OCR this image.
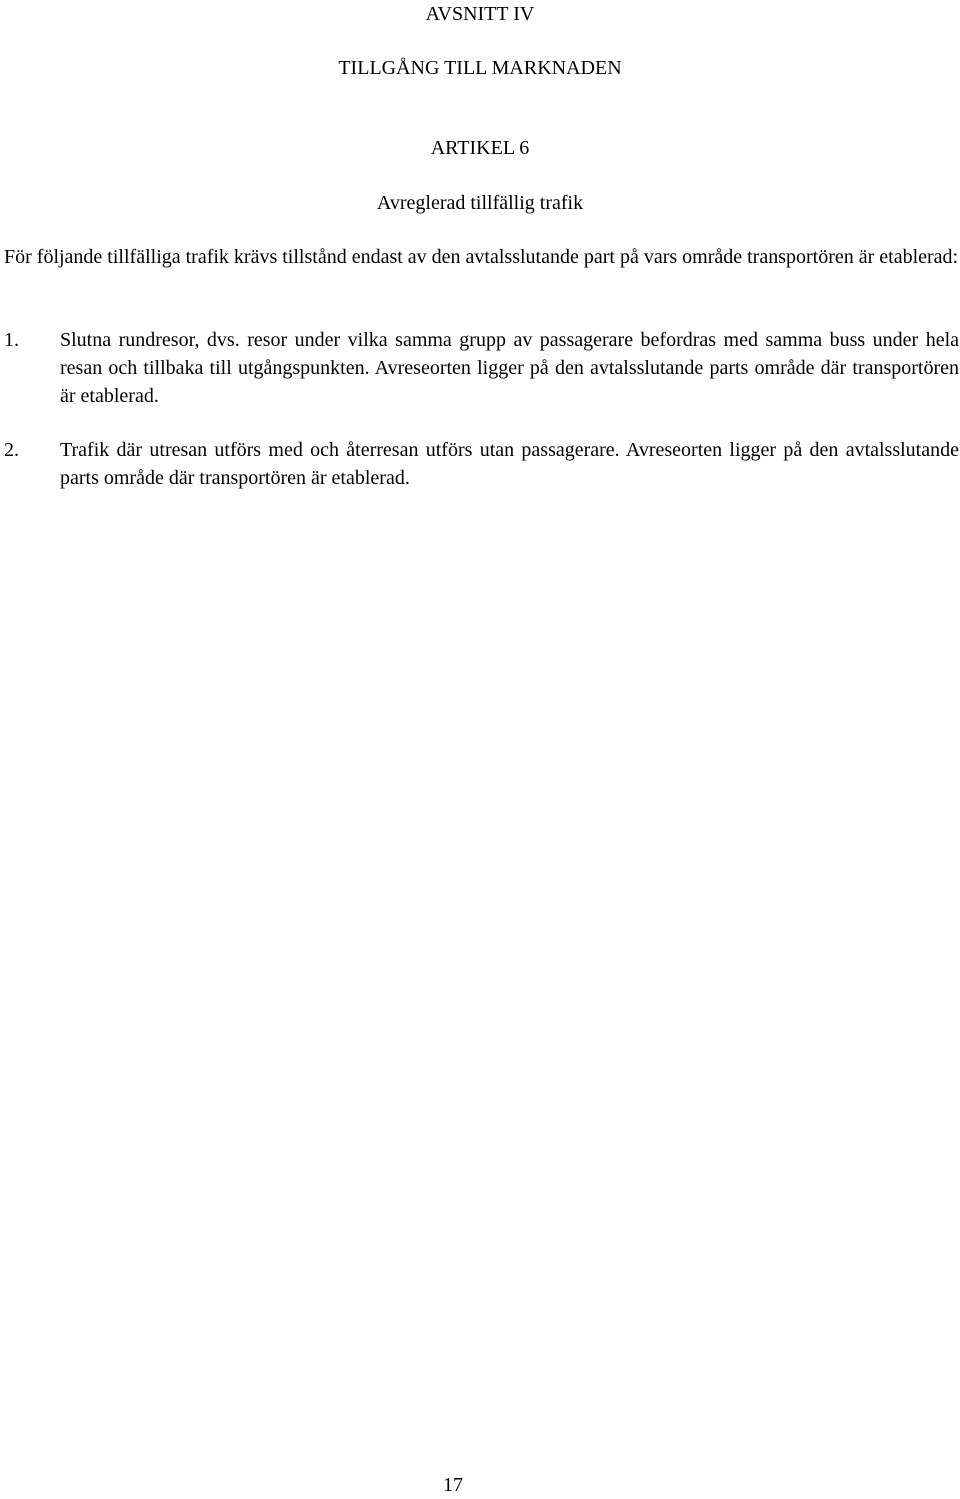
AVSNITT IV
TILLGÅNG TILL MARKNADEN
ARTIKEL 6
Avreglerad tillfällig trafik
För följande tillfälliga trafik krävs tillstånd endast av den avtalsslutande part på vars område transportören är etablerad:
1.	Slutna rundresor, dvs. resor under vilka samma grupp av passagerare befordras med samma buss under hela resan och tillbaka till utgångspunkten. Avreseorten ligger på den avtalsslutande parts område där transportören är etablerad.
2.	Trafik där utresan utförs med och återresan utförs utan passagerare. Avreseorten ligger på den avtalsslutande parts område där transportören är etablerad.
17
